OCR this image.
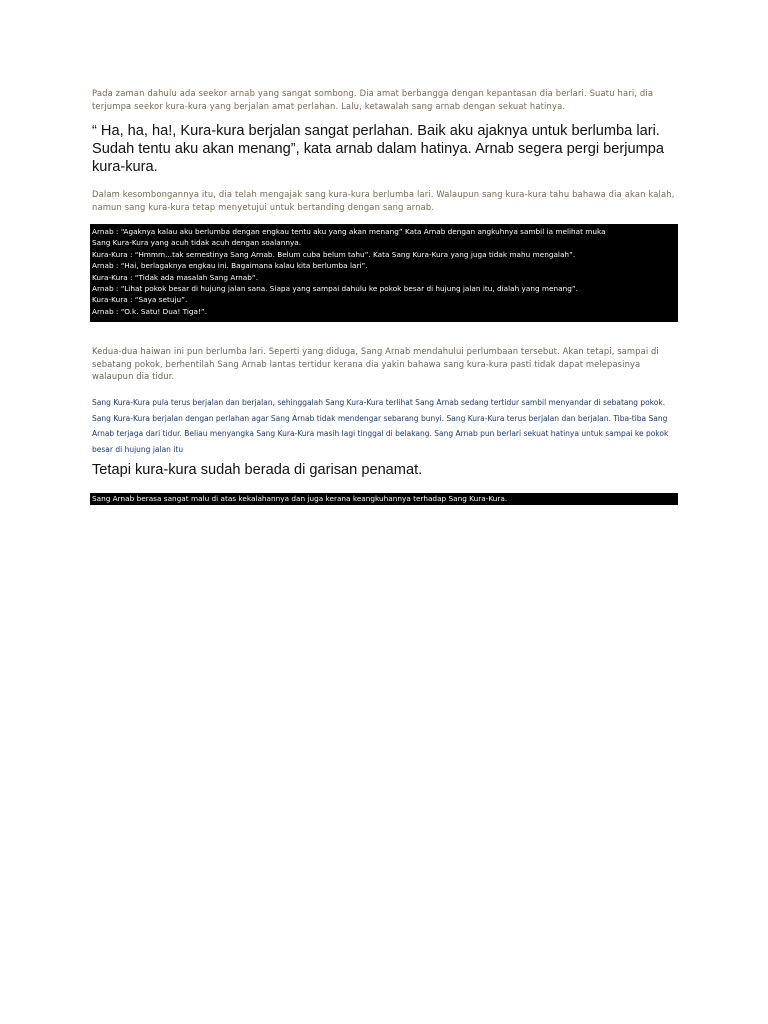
Pada zaman dahulu ada seekor arnab yang sangat sombong. Dia amat berbangga dengan kepantasan dia berlari. Suatu hari, dia terjumpa seekor kura-kura yang berjalan amat perlahan. Lalu, ketawalah sang arnab dengan sekuat hatinya.

“ Ha, ha, ha!, Kura-kura berjalan sangat perlahan. Baik aku ajaknya untuk berlumba lari. Sudah tentu aku akan menang”, kata arnab dalam hatinya. Arnab segera pergi berjumpa kura-kura.

Dalam kesombongannya itu, dia telah mengajak sang kura-kura berlumba lari. Walaupun sang kura-kura tahu bahawa dia akan kalah, namun sang kura-kura tetap menyetujui untuk bertanding dengan sang arnab.

Arnab : “Agaknya kalau aku berlumba dengan engkau tentu aku yang akan menang” Kata Arnab dengan angkuhnya sambil ia melihat muka
Sang Kura-Kura yang acuh tidak acuh dengan soalannya.
Kura-Kura : “Hmmm...tak semestinya Sang Arnab. Belum cuba belum tahu”. Kata Sang Kura-Kura yang juga tidak mahu mengalah”.
Arnab : “Hai, berlagaknya engkau ini. Bagaimana kalau kita berlumba lari”.
Kura-Kura : “Tidak ada masalah Sang Arnab”.
Arnab : “Lihat pokok besar di hujung jalan sana. Siapa yang sampai dahulu ke pokok besar di hujung jalan itu, dialah yang menang”.
Kura-Kura : “Saya setuju”.
Arnab : “O.k. Satu! Dua! Tiga!”.

Kedua-dua haiwan ini pun berlumba lari. Seperti yang diduga, Sang Arnab mendahului perlumbaan tersebut. Akan tetapi, sampai di sebatang pokok, berhentilah Sang Arnab lantas tertidur kerana dia yakin bahawa sang kura-kura pasti tidak dapat melepasinya walaupun dia tidur.

Sang Kura-Kura pula terus berjalan dan berjalan, sehinggalah Sang Kura-Kura terlihat Sang Arnab sedang tertidur sambil menyandar di sebatang pokok. Sang Kura-Kura berjalan dengan perlahan agar Sang Arnab tidak mendengar sebarang bunyi. Sang Kura-Kura terus berjalan dan berjalan. Tiba-tiba Sang Arnab terjaga dari tidur. Beliau menyangka Sang Kura-Kura masih lagi tinggal di belakang. Sang Arnab pun berlari sekuat hatinya untuk sampai ke pokok besar di hujung jalan itu

Tetapi kura-kura sudah berada di garisan penamat.

Sang Arnab berasa sangat malu di atas kekalahannya dan juga kerana keangkuhannya terhadap Sang Kura-Kura.
